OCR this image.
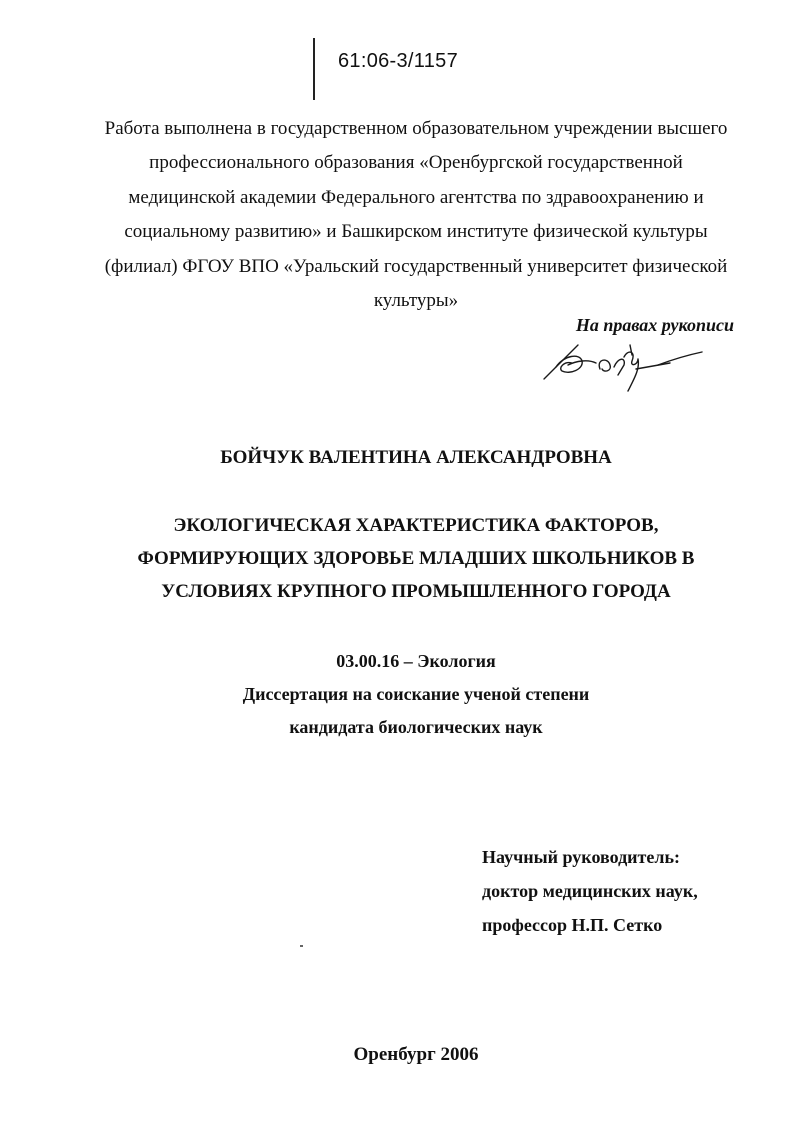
61:06-3/1157
Работа выполнена в государственном образовательном учреждении высшего
профессионального образования «Оренбургской государственной
медицинской академии Федерального агентства по здравоохранению и
социальному развитию» и Башкирском институте физической культуры
(филиал) ФГОУ ВПО «Уральский государственный университет физической
культуры»
На правах рукописи
БОЙЧУК ВАЛЕНТИНА АЛЕКСАНДРОВНА
ЭКОЛОГИЧЕСКАЯ ХАРАКТЕРИСТИКА ФАКТОРОВ,
ФОРМИРУЮЩИХ ЗДОРОВЬЕ МЛАДШИХ ШКОЛЬНИКОВ В
УСЛОВИЯХ КРУПНОГО ПРОМЫШЛЕННОГО ГОРОДА
03.00.16 – Экология
Диссертация на соискание ученой степени
кандидата биологических наук
Научный руководитель:
доктор медицинских наук,
профессор Н.П. Сетко
Оренбург 2006
